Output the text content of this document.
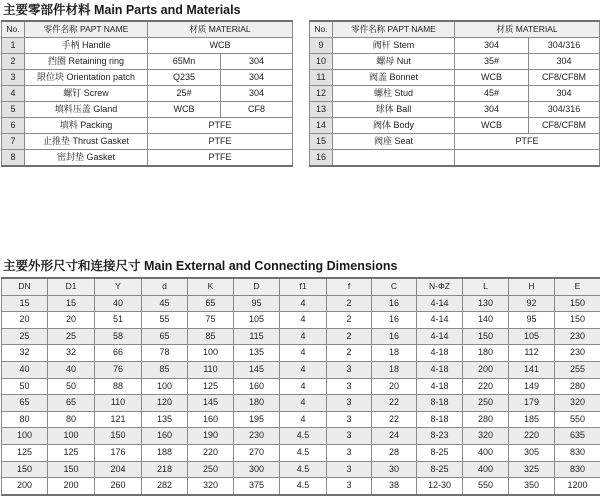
主要零部件材料 Main Parts and Materials
No.	零件名称 PAPT NAME	材质 MATERIAL	
1	手柄 Handle	WCB	
2	挡圈 Retaining ring	65Mn	304
3	限位块 Orientation patch	Q235	304
4	螺钉 Screw	25#	304
5	填料压盖 Gland	WCB	CF8
6	填料 Packing	PTFE	
7	止推垫 Thrust Gasket	PTFE	
8	密封垫 Gasket	PTFE	
No.	零件名称 PAPT NAME	材质 MATERIAL	
9	阀杆 Stem	304	304/316
10	螺母 Nut	35#	304
11	阀盖 Bonnet	WCB	CF8/CF8M
12	螺柱 Stud	45#	304
13	球体 Ball	304	304/316
14	阀体 Body	WCB	CF8/CF8M
15	阀座 Seat	PTFE	
16			
主要外形尺寸和连接尺寸 Main External and Connecting Dimensions
DN	D1	Y	d	K	D	f1	f	C	N-ΦZ	L	H	E
15	15	40	45	65	95	4	2	16	4-14	130	92	150
20	20	51	55	75	105	4	2	16	4-14	140	95	150
25	25	58	65	85	115	4	2	16	4-14	150	105	230
32	32	66	78	100	135	4	2	18	4-18	180	112	230
40	40	76	85	110	145	4	3	18	4-18	200	141	255
50	50	88	100	125	160	4	3	20	4-18	220	149	280
65	65	110	120	145	180	4	3	22	8-18	250	179	320
80	80	121	135	160	195	4	3	22	8-18	280	185	550
100	100	150	160	190	230	4.5	3	24	8-23	320	220	635
125	125	176	188	220	270	4.5	3	28	8-25	400	305	830
150	150	204	218	250	300	4.5	3	30	8-25	400	325	830
200	200	260	282	320	375	4.5	3	38	12-30	550	350	1200
